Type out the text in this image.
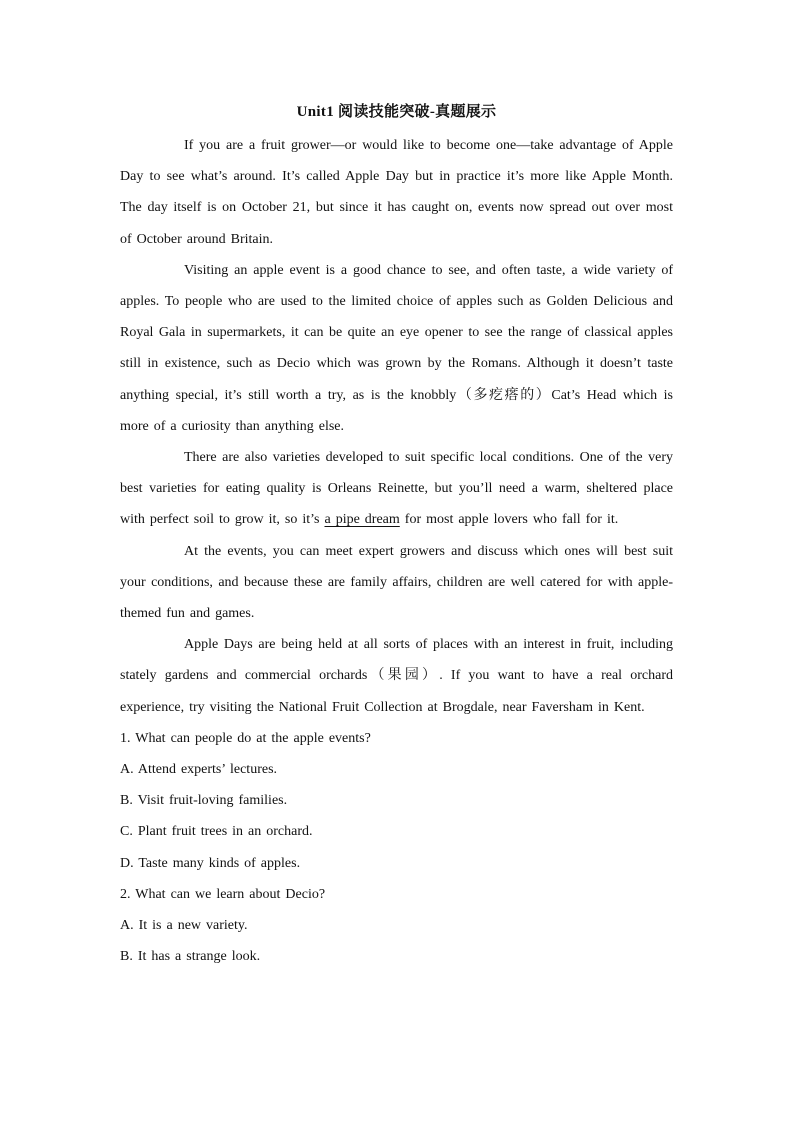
Unit1 阅读技能突破-真题展示

If you are a fruit grower—or would like to become one—take advantage of Apple Day to see what’s around. It’s called Apple Day but in practice it’s more like Apple Month. The day itself is on October 21, but since it has caught on, events now spread out over most of October around Britain.

Visiting an apple event is a good chance to see, and often taste, a wide variety of apples. To people who are used to the limited choice of apples such as Golden Delicious and Royal Gala in supermarkets, it can be quite an eye opener to see the range of classical apples still in existence, such as Decio which was grown by the Romans. Although it doesn’t taste anything special, it’s still worth a try, as is the knobbly（多疙瘩的）Cat’s Head which is more of a curiosity than anything else.

There are also varieties developed to suit specific local conditions. One of the very best varieties for eating quality is Orleans Reinette, but you’ll need a warm, sheltered place with perfect soil to grow it, so it’s a pipe dream for most apple lovers who fall for it.

At the events, you can meet expert growers and discuss which ones will best suit your conditions, and because these are family affairs, children are well catered for with apple-themed fun and games.

Apple Days are being held at all sorts of places with an interest in fruit, including stately gardens and commercial orchards（果园）. If you want to have a real orchard experience, try visiting the National Fruit Collection at Brogdale, near Faversham in Kent.

1. What can people do at the apple events?

A. Attend experts’ lectures.

B. Visit fruit-loving families.

C. Plant fruit trees in an orchard.

D. Taste many kinds of apples.

2. What can we learn about Decio?

A. It is a new variety.

B. It has a strange look.
